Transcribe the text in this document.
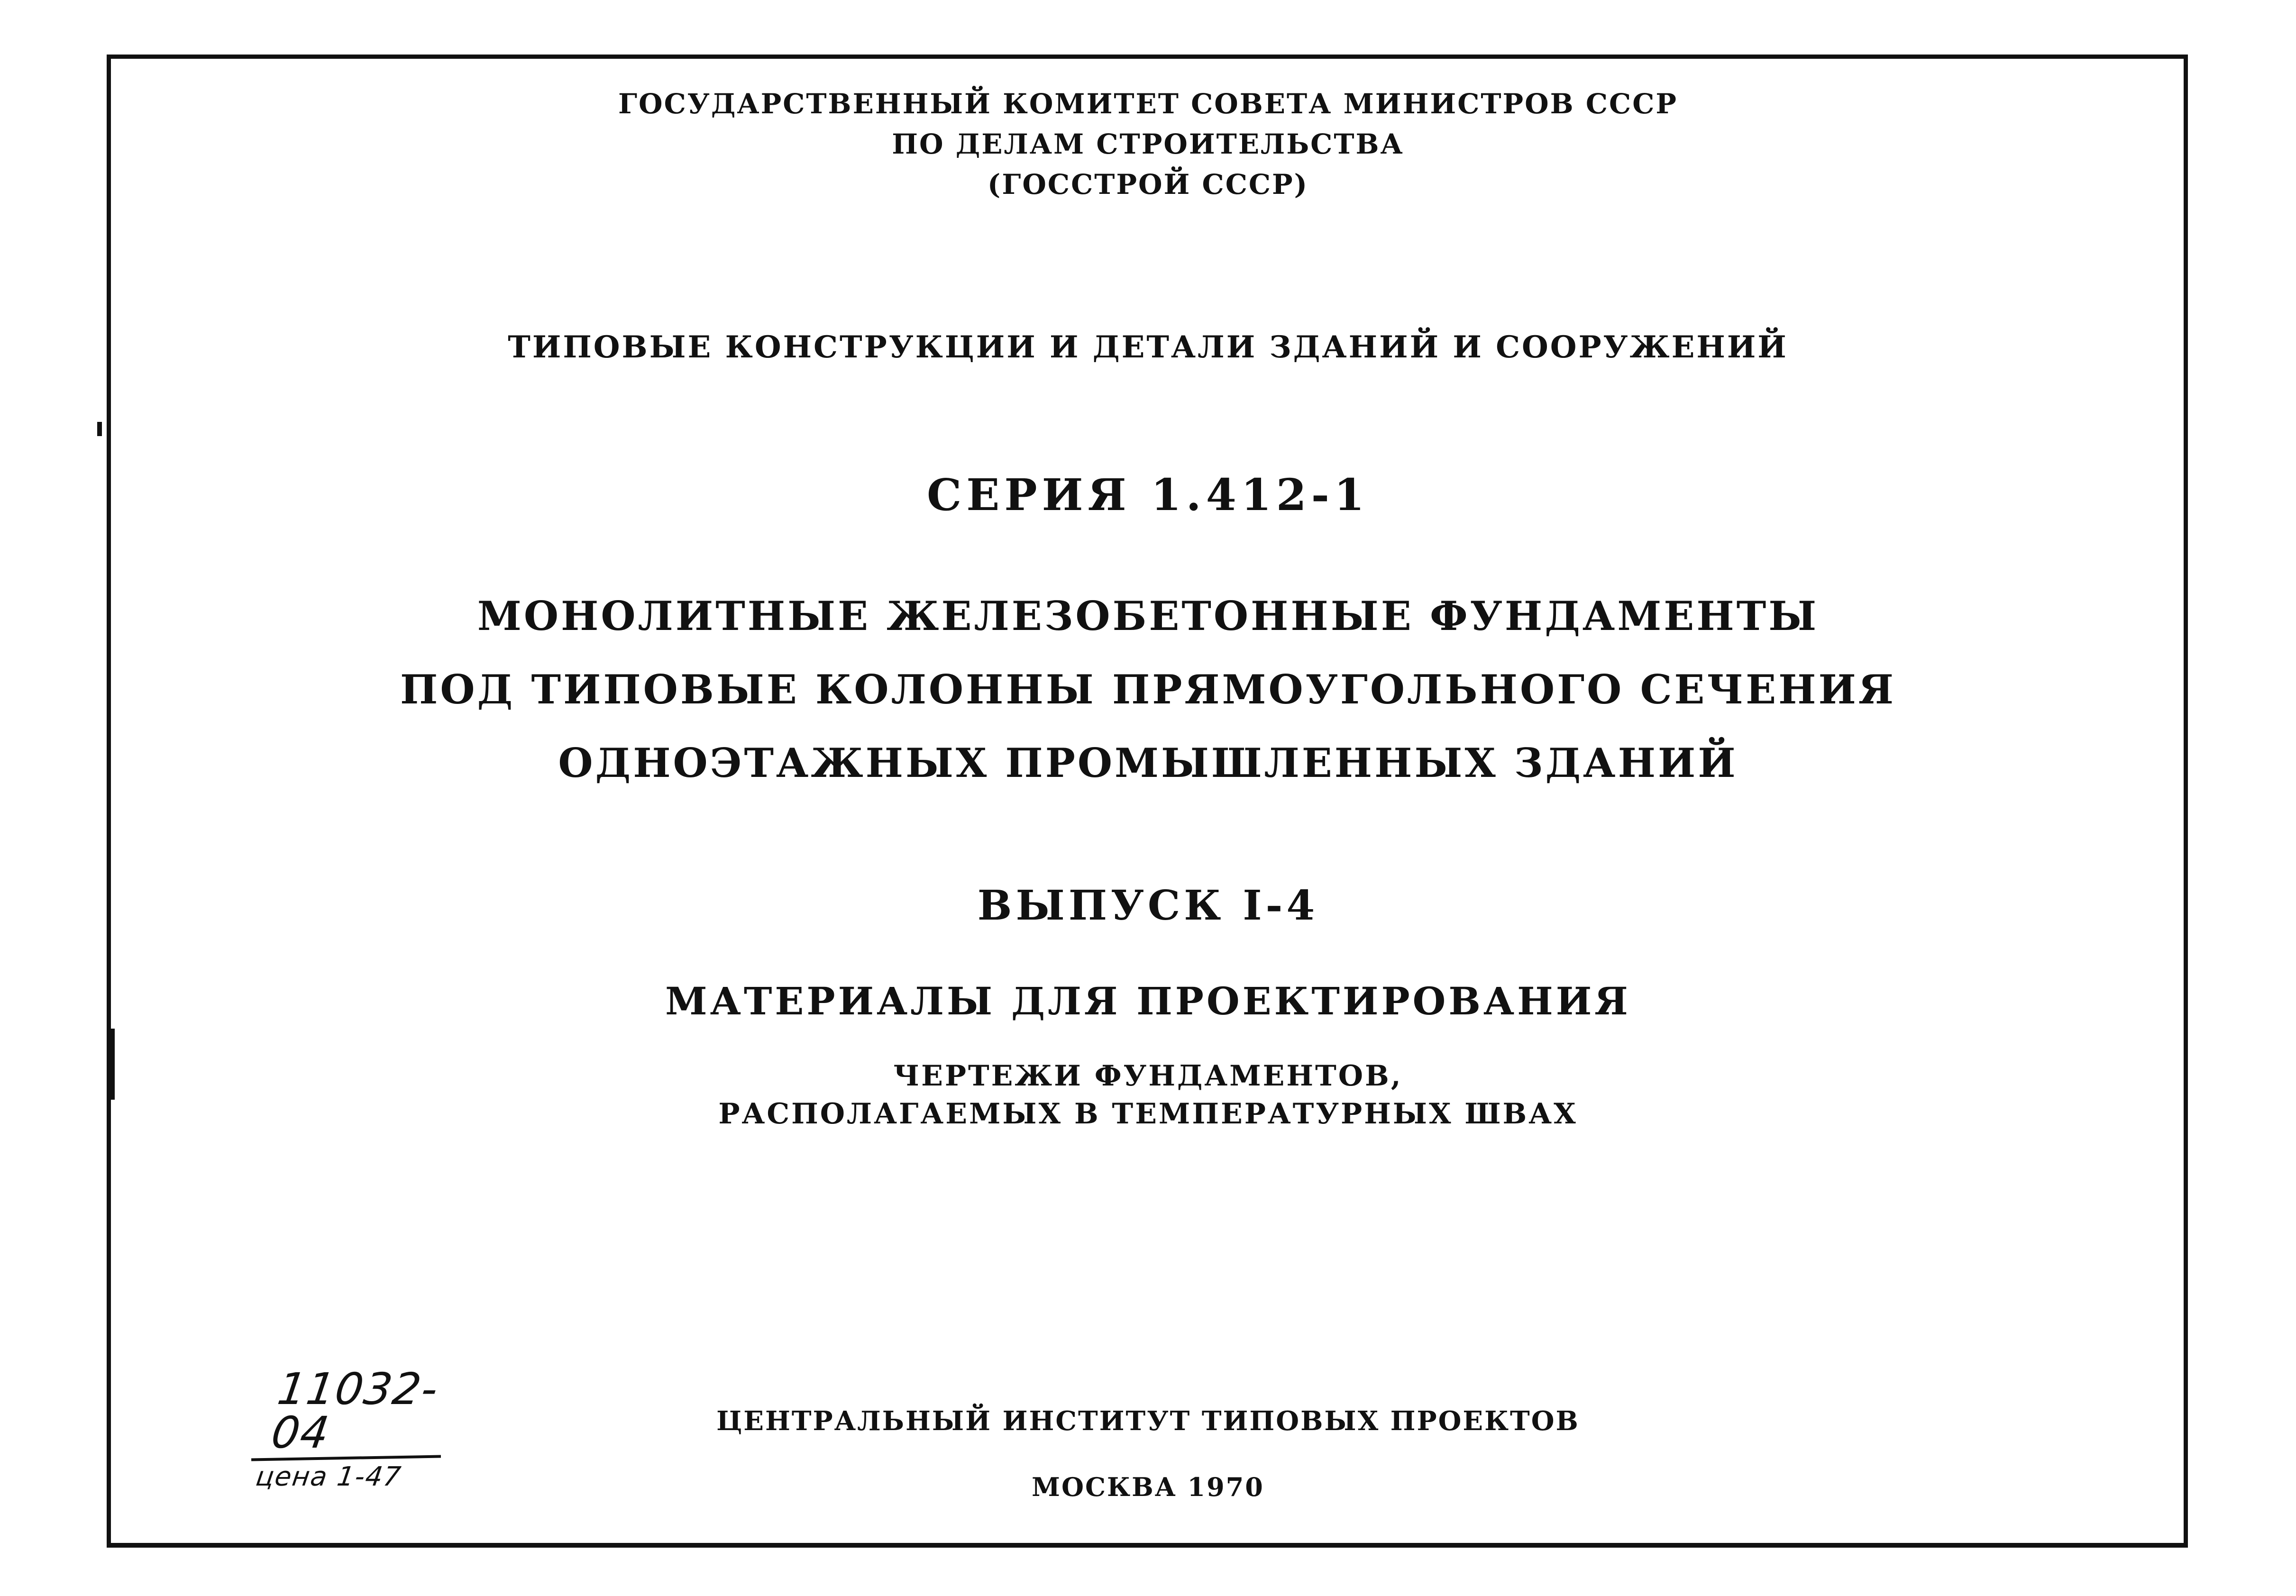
ГОСУДАРСТВЕННЫЙ КОМИТЕТ СОВЕТА МИНИСТРОВ СССР
ПО ДЕЛАМ СТРОИТЕЛЬСТВА
(ГОССТРОЙ СССР)
ТИПОВЫЕ КОНСТРУКЦИИ И ДЕТАЛИ ЗДАНИЙ И СООРУЖЕНИЙ
СЕРИЯ 1.412-1
МОНОЛИТНЫЕ ЖЕЛЕЗОБЕТОННЫЕ ФУНДАМЕНТЫ
ПОД ТИПОВЫЕ КОЛОННЫ ПРЯМОУГОЛЬНОГО СЕЧЕНИЯ
ОДНОЭТАЖНЫХ ПРОМЫШЛЕННЫХ ЗДАНИЙ
ВЫПУСК I-4
МАТЕРИАЛЫ ДЛЯ ПРОЕКТИРОВАНИЯ
ЧЕРТЕЖИ ФУНДАМЕНТОВ,
РАСПОЛАГАЕМЫХ В ТЕМПЕРАТУРНЫХ ШВАХ
11032-04
цена 1-47
ЦЕНТРАЛЬНЫЙ ИНСТИТУТ ТИПОВЫХ ПРОЕКТОВ
МОСКВА 1970
